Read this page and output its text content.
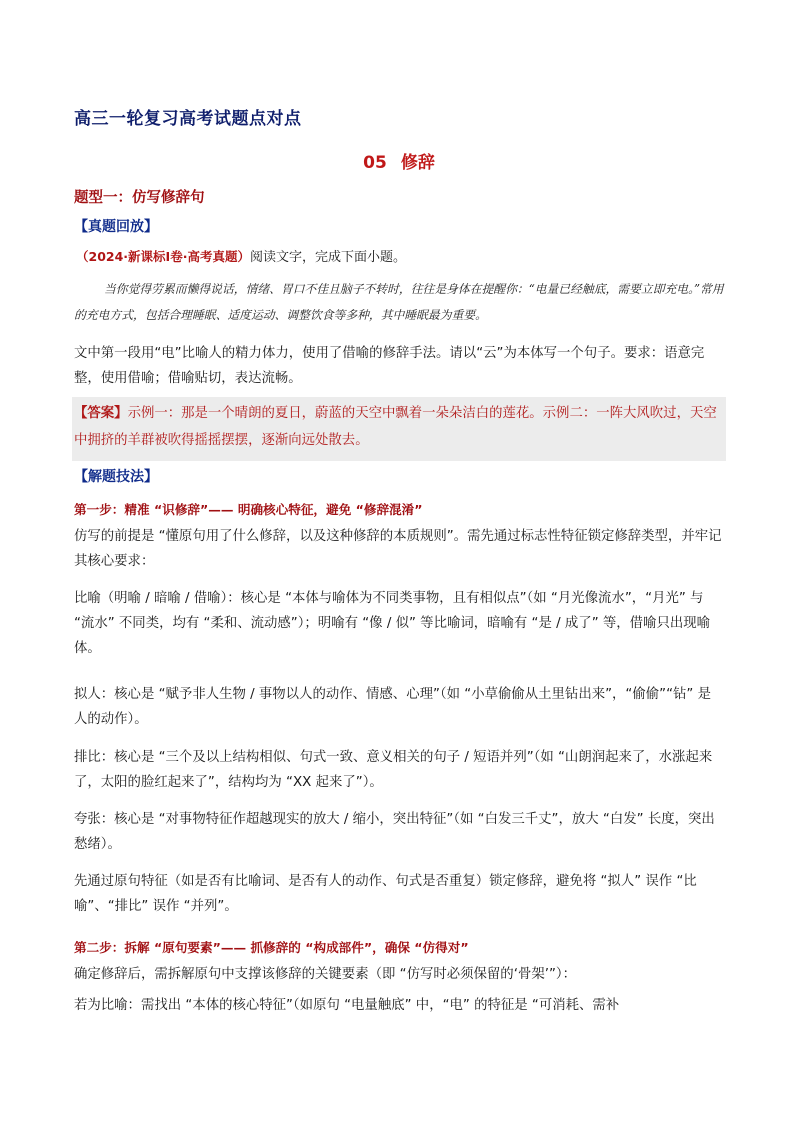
高三一轮复习高考试题点对点
05 修辞
题型一：仿写修辞句
【真题回放】
（2024·新课标Ⅰ卷·高考真题）阅读文字，完成下面小题。
当你觉得劳累而懒得说话，情绪、胃口不佳且脑子不转时，往往是身体在提醒你：“电量已经触底，需要立即充电。”常用的充电方式，包括合理睡眠、适度运动、调整饮食等多种，其中睡眠最为重要。
文中第一段用“电”比喻人的精力体力，使用了借喻的修辞手法。请以“云”为本体写一个句子。要求：语意完整，使用借喻；借喻贴切，表达流畅。
【答案】示例一：那是一个晴朗的夏日，蔚蓝的天空中飘着一朵朵洁白的莲花。示例二：一阵大风吹过，天空中拥挤的羊群被吹得摇摇摆摆，逐渐向远处散去。
【解题技法】
第一步：精准 “识修辞”—— 明确核心特征，避免 “修辞混淆”
仿写的前提是 “懂原句用了什么修辞，以及这种修辞的本质规则”。需先通过标志性特征锁定修辞类型，并牢记其核心要求：
比喻（明喻 / 暗喻 / 借喻）：核心是 “本体与喻体为不同类事物，且有相似点”（如 “月光像流水”，“月光” 与 “流水” 不同类，均有 “柔和、流动感”）；明喻有 “像 / 似” 等比喻词，暗喻有 “是 / 成了” 等，借喻只出现喻体。
拟人：核心是 “赋予非人生物 / 事物以人的动作、情感、心理”（如 “小草偷偷从土里钻出来”，“偷偷”“钻” 是人的动作）。
排比：核心是 “三个及以上结构相似、句式一致、意义相关的句子 / 短语并列”（如 “山朗润起来了，水涨起来了，太阳的脸红起来了”，结构均为 “XX 起来了”）。
夸张：核心是 “对事物特征作超越现实的放大 / 缩小，突出特征”（如 “白发三千丈”，放大 “白发” 长度，突出愁绪）。
先通过原句特征（如是否有比喻词、是否有人的动作、句式是否重复）锁定修辞，避免将 “拟人” 误作 “比喻”、“排比” 误作 “并列”。
第二步：拆解 “原句要素”—— 抓修辞的 “构成部件”，确保 “仿得对”
确定修辞后，需拆解原句中支撑该修辞的关键要素（即 “仿写时必须保留的‘骨架’”）：
若为比喻：需找出 “本体的核心特征”（如原句 “电量触底” 中，“电” 的特征是 “可消耗、需补
